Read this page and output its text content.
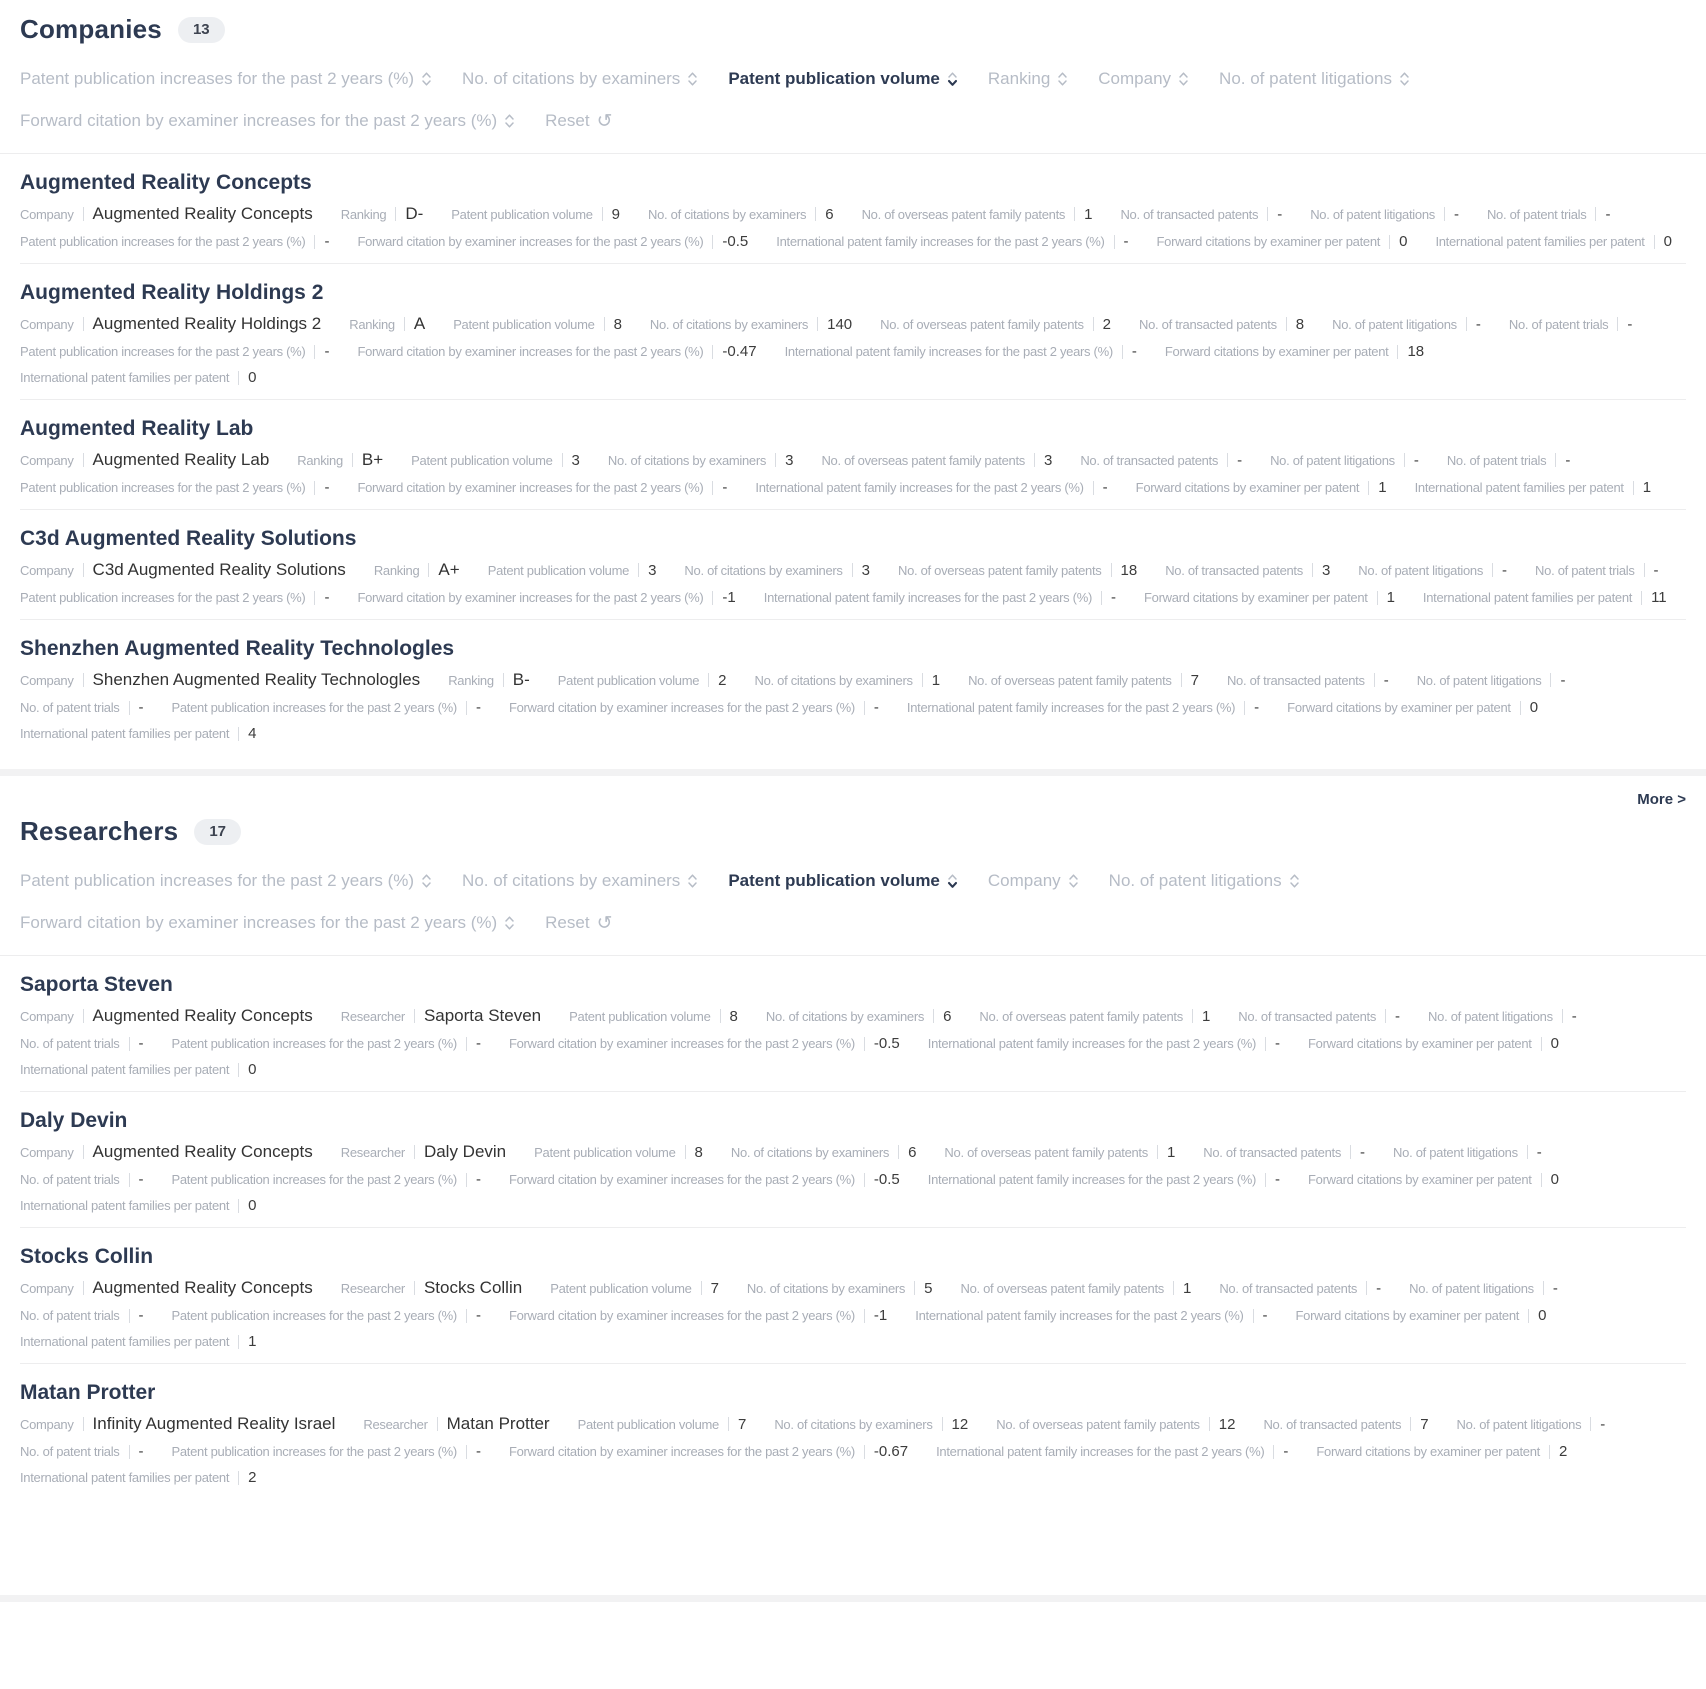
Companies	13
Patent publication increases for the past 2 years (%)	No. of citations by examiners	Patent publication volume	Ranking	Company	No. of patent litigations
Forward citation by examiner increases for the past 2 years (%)	Reset ↺
Augmented Reality Concepts
Company Augmented Reality Concepts Ranking D- Patent publication volume 9 No. of citations by examiners 6 No. of overseas patent family patents 1 No. of transacted patents - No. of patent litigations - No. of patent trials -
Patent publication increases for the past 2 years (%) - Forward citation by examiner increases for the past 2 years (%) -0.5 International patent family increases for the past 2 years (%) - Forward citations by examiner per patent 0 International patent families per patent 0
Augmented Reality Holdings 2
Company Augmented Reality Holdings 2 Ranking A Patent publication volume 8 No. of citations by examiners 140 No. of overseas patent family patents 2 No. of transacted patents 8 No. of patent litigations - No. of patent trials -
Patent publication increases for the past 2 years (%) - Forward citation by examiner increases for the past 2 years (%) -0.47 International patent family increases for the past 2 years (%) - Forward citations by examiner per patent 18
International patent families per patent 0
Augmented Reality Lab
Company Augmented Reality Lab Ranking B+ Patent publication volume 3 No. of citations by examiners 3 No. of overseas patent family patents 3 No. of transacted patents - No. of patent litigations - No. of patent trials -
Patent publication increases for the past 2 years (%) - Forward citation by examiner increases for the past 2 years (%) - International patent family increases for the past 2 years (%) - Forward citations by examiner per patent 1 International patent families per patent 1
C3d Augmented Reality Solutions
Company C3d Augmented Reality Solutions Ranking A+ Patent publication volume 3 No. of citations by examiners 3 No. of overseas patent family patents 18 No. of transacted patents 3 No. of patent litigations - No. of patent trials -
Patent publication increases for the past 2 years (%) - Forward citation by examiner increases for the past 2 years (%) -1 International patent family increases for the past 2 years (%) - Forward citations by examiner per patent 1 International patent families per patent 11
Shenzhen Augmented Reality Technologles
Company Shenzhen Augmented Reality Technologles Ranking B- Patent publication volume 2 No. of citations by examiners 1 No. of overseas patent family patents 7 No. of transacted patents - No. of patent litigations -
No. of patent trials - Patent publication increases for the past 2 years (%) - Forward citation by examiner increases for the past 2 years (%) - International patent family increases for the past 2 years (%) - Forward citations by examiner per patent 0
International patent families per patent 4
More >
Researchers	17
Patent publication increases for the past 2 years (%)	No. of citations by examiners	Patent publication volume	Company	No. of patent litigations
Forward citation by examiner increases for the past 2 years (%)	Reset ↺
Saporta Steven
Company Augmented Reality Concepts Researcher Saporta Steven Patent publication volume 8 No. of citations by examiners 6 No. of overseas patent family patents 1 No. of transacted patents - No. of patent litigations -
No. of patent trials - Patent publication increases for the past 2 years (%) - Forward citation by examiner increases for the past 2 years (%) -0.5 International patent family increases for the past 2 years (%) - Forward citations by examiner per patent 0
International patent families per patent 0
Daly Devin
Company Augmented Reality Concepts Researcher Daly Devin Patent publication volume 8 No. of citations by examiners 6 No. of overseas patent family patents 1 No. of transacted patents - No. of patent litigations -
No. of patent trials - Patent publication increases for the past 2 years (%) - Forward citation by examiner increases for the past 2 years (%) -0.5 International patent family increases for the past 2 years (%) - Forward citations by examiner per patent 0
International patent families per patent 0
Stocks Collin
Company Augmented Reality Concepts Researcher Stocks Collin Patent publication volume 7 No. of citations by examiners 5 No. of overseas patent family patents 1 No. of transacted patents - No. of patent litigations -
No. of patent trials - Patent publication increases for the past 2 years (%) - Forward citation by examiner increases for the past 2 years (%) -1 International patent family increases for the past 2 years (%) - Forward citations by examiner per patent 0
International patent families per patent 1
Matan Protter
Company Infinity Augmented Reality Israel Researcher Matan Protter Patent publication volume 7 No. of citations by examiners 12 No. of overseas patent family patents 12 No. of transacted patents 7 No. of patent litigations -
No. of patent trials - Patent publication increases for the past 2 years (%) - Forward citation by examiner increases for the past 2 years (%) -0.67 International patent family increases for the past 2 years (%) - Forward citations by examiner per patent 2
International patent families per patent 2
